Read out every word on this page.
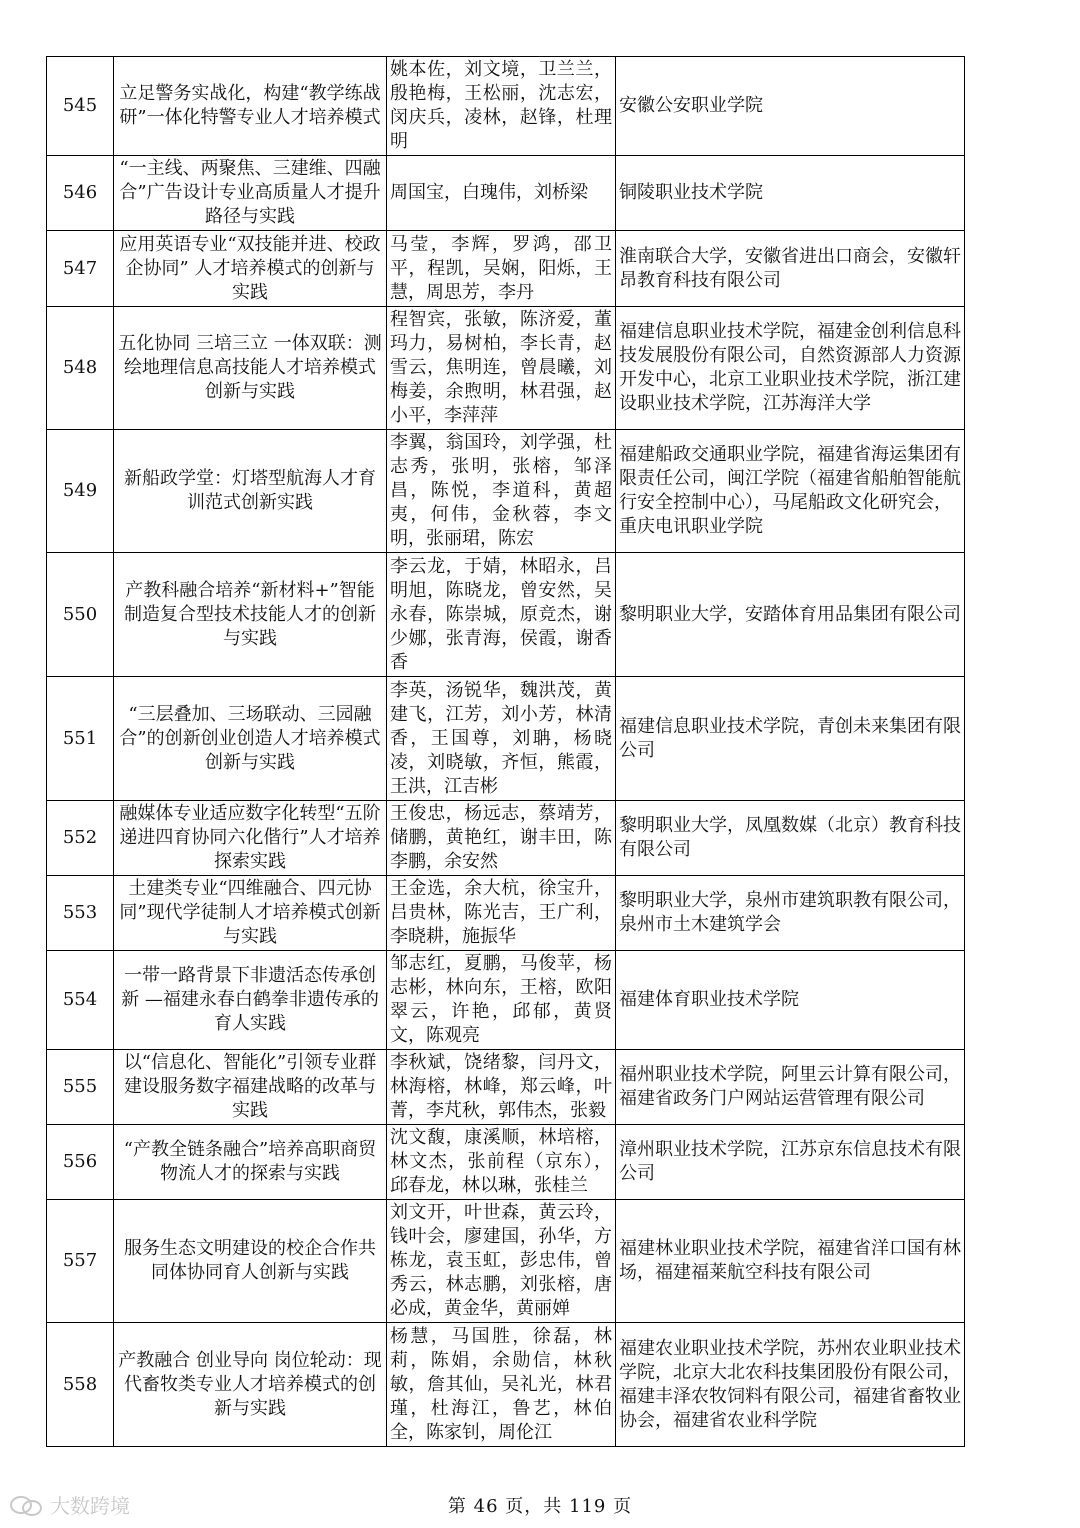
545	立足警务实战化，构建“教学练战研”一体化特警专业人才培养模式	姚本佐，刘文境，卫兰兰，殷艳梅，王松丽，沈志宏，闵庆兵，凌林，赵锋，杜理明	安徽公安职业学院
546	“一主线、两聚焦、三建维、四融合”广告设计专业高质量人才提升路径与实践	周国宝，白瑰伟，刘桥梁	铜陵职业技术学院
547	应用英语专业“双技能并进、校政企协同” 人才培养模式的创新与实践	马莹，李辉，罗鸿，邵卫平，程凯，吴娴，阳烁，王慧，周思芳，李丹	淮南联合大学，安徽省进出口商会，安徽轩昂教育科技有限公司
548	五化协同 三培三立 一体双联：测绘地理信息高技能人才培养模式创新与实践	程智宾，张敏，陈济爱，董玛力，易树柏，李长青，赵雪云，焦明连，曾晨曦，刘梅姜，余煦明，林君强，赵小平，李萍萍	福建信息职业技术学院，福建金创利信息科技发展股份有限公司，自然资源部人力资源开发中心，北京工业职业技术学院，浙江建设职业技术学院，江苏海洋大学
549	新船政学堂：灯塔型航海人才育训范式创新实践	李翼，翁国玲，刘学强，杜志秀，张明，张榕，邹泽昌，陈悦，李道科，黄超夷，何伟，金秋蓉，李文明，张丽珺，陈宏	福建船政交通职业学院，福建省海运集团有限责任公司，闽江学院（福建省船舶智能航行安全控制中心），马尾船政文化研究会，重庆电讯职业学院
550	产教科融合培养“新材料+”智能制造复合型技术技能人才的创新与实践	李云龙，于婧，林昭永，吕明旭，陈晓龙，曾安然，吴永春，陈崇城，原竞杰，谢少娜，张青海，侯霞，谢香香	黎明职业大学，安踏体育用品集团有限公司
551	“三层叠加、三场联动、三园融合”的创新创业创造人才培养模式创新与实践	李英，汤锐华，魏洪茂，黄建飞，江芳，刘小芳，林清香，王国尊，刘聃，杨晓凌，刘晓敏，齐恒，熊霞，王洪，江吉彬	福建信息职业技术学院，青创未来集团有限公司
552	融媒体专业适应数字化转型“五阶递进四育协同六化偕行”人才培养探索实践	王俊忠，杨远志，蔡靖芳，储鹏，黄艳红，谢丰田，陈李鹏，余安然	黎明职业大学，凤凰数媒（北京）教育科技有限公司
553	土建类专业“四维融合、四元协同”现代学徒制人才培养模式创新与实践	王金选，余大杭，徐宝升，吕贵林，陈光吉，王广利，李晓耕，施振华	黎明职业大学，泉州市建筑职教有限公司，泉州市土木建筑学会
554	一带一路背景下非遗活态传承创新 —福建永春白鹤拳非遗传承的育人实践	邹志红，夏鹏，马俊苹，杨志彬，林向东，王榕，欧阳翠云，许艳，邱郁，黄贤文，陈观亮	福建体育职业技术学院
555	以“信息化、智能化”引领专业群建设服务数字福建战略的改革与实践	李秋斌，饶绪黎，闫丹文，林海榕，林峰，郑云峰，叶菁，李芃秋，郭伟杰，张毅	福州职业技术学院，阿里云计算有限公司，福建省政务门户网站运营管理有限公司
556	“产教全链条融合”培养高职商贸物流人才的探索与实践	沈文馥，康溪顺，林培榕，林文杰，张前程（京东），邱春龙，林以琳，张桂兰	漳州职业技术学院，江苏京东信息技术有限公司
557	服务生态文明建设的校企合作共同体协同育人创新与实践	刘文开，叶世森，黄云玲，钱叶会，廖建国，孙华，方栋龙，袁玉虹，彭忠伟，曾秀云，林志鹏，刘张榕，唐必成，黄金华，黄丽婵	福建林业职业技术学院，福建省洋口国有林场，福建福莱航空科技有限公司
558	产教融合 创业导向 岗位轮动：现代畜牧类专业人才培养模式的创新与实践	杨慧，马国胜，徐磊，林莉，陈娟，余勋信，林秋敏，詹其仙，吴礼光，林君瑾，杜海江，鲁艺，林伯全，陈家钊，周伦江	福建农业职业技术学院，苏州农业职业技术学院，北京大北农科技集团股份有限公司，福建丰泽农牧饲料有限公司，福建省畜牧业协会，福建省农业科学院
第 46 页，共 119 页
大数跨境
